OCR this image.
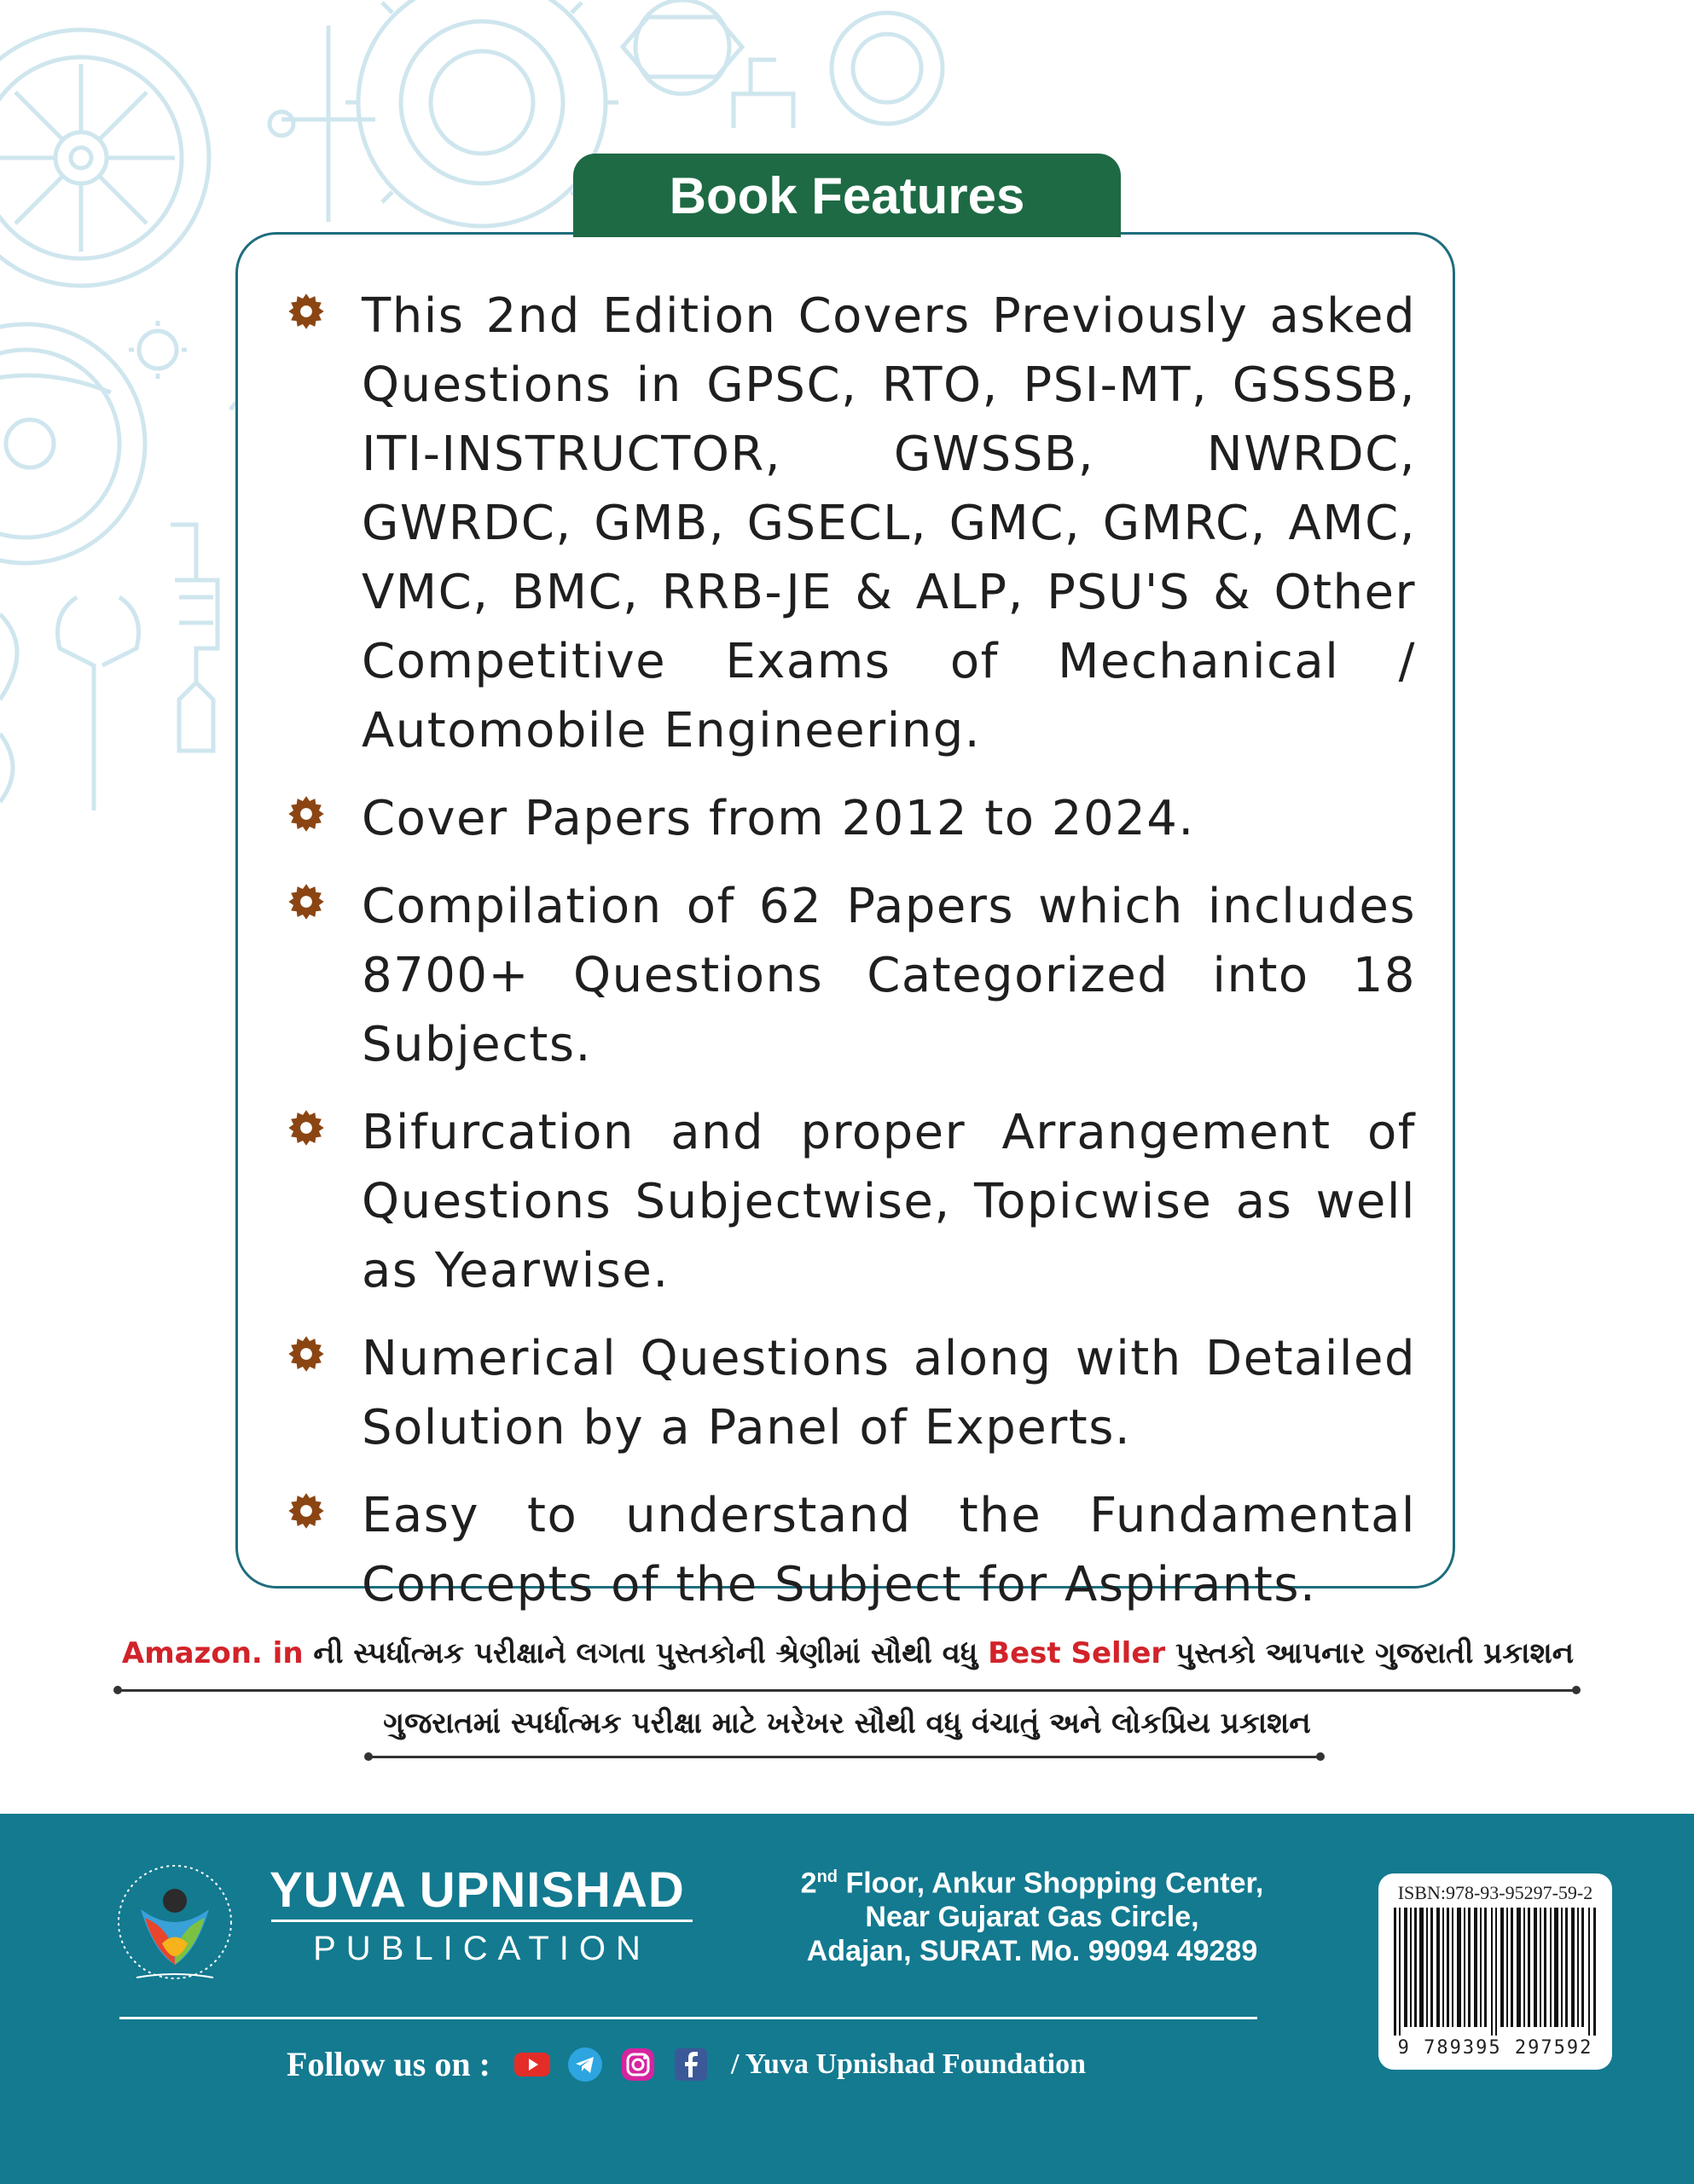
Book Features
This 2nd Edition Covers Previously asked Questions in GPSC, RTO, PSI-MT, GSSSB, ITI-INSTRUCTOR, GWSSB, NWRDC, GWRDC, GMB, GSECL, GMC, GMRC, AMC, VMC, BMC, RRB-JE & ALP, PSU'S & Other Competitive Exams of Mechanical / Automobile Engineering.
Cover Papers from 2012 to 2024.
Compilation of 62 Papers which includes 8700+ Questions Categorized into 18 Subjects.
Bifurcation and proper Arrangement of Questions Subjectwise, Topicwise as well as Yearwise.
Numerical Questions along with Detailed Solution by a Panel of Experts.
Easy to understand the Fundamental Concepts of the Subject for Aspirants.
Amazon. in ની સ્પર્ધાત્મક પરીક્ષાને લગતા પુસ્તકોની શ્રેણીમાં સૌથી વધુ Best Seller પુસ્તકો આપનાર ગુજરાતી પ્રકાશન
ગુજરાતમાં સ્પર્ધાત્મક પરીક્ષા માટે ખરેખર સૌથી વધુ વંચાતું અને લોકપ્રિય પ્રકાશન
YUVA UPNISHAD
PUBLICATION
2nd Floor, Ankur Shopping Center,
Near Gujarat Gas Circle,
Adajan, SURAT. Mo. 99094 49289
Follow us on :	/ Yuva Upnishad Foundation
ISBN:978-93-95297-59-2
9 789395 297592
